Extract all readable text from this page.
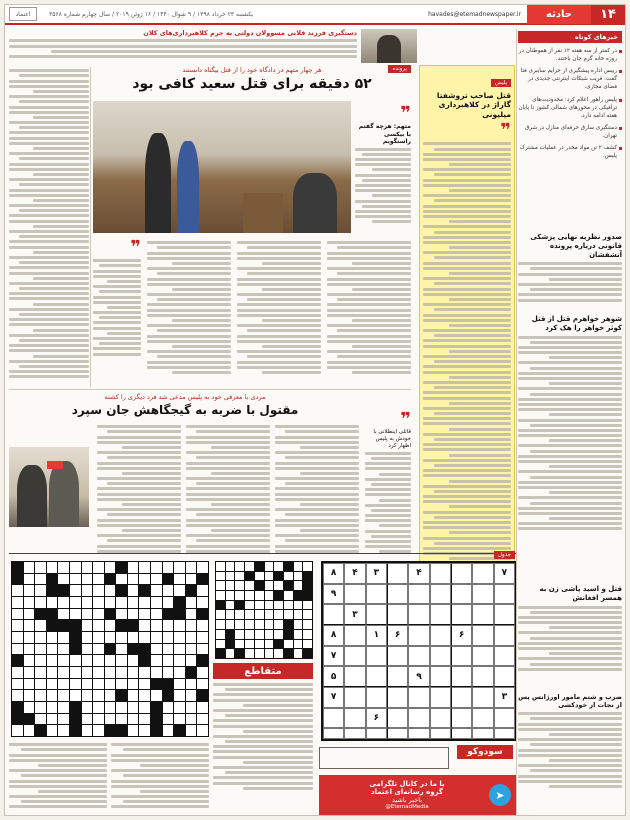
۱۴
حادثه
havades@etemadnewspaper.ir
یکشنبه ۲۳ خرداد ۱۳۹۸ / ۹ شوال ۱۴۴۰ / ۱۶ ژوئن ۲۰۱۹ / سال چهارم شماره ۳۵۶۸
اعتماد
خبرهای کوتاه
در کمتر از سه هفته ۱۲ نفر از هموطنان در روزه خانه گرم جان باختند.
رییس اداره پیشگیری از جرایم سایبری فتا گفت: فریب شبکات اینترنتی جدیدی در فضای مجازی.
پلیس راهور اعلام کرد: محدودیت‌های ترافیکی در محورهای شمالی کشور تا پایان هفته ادامه دارد.
دستگیری سارق حرفه‌ای منازل در شرق تهران.
کشف ۲ تن مواد مخدر در عملیات مشترک پلیس.
صدور نظریه نهایی پزشکی قانونی درباره پرونده آتشفشان
شوهر خواهرم قتل از قتل کوثر خواهر را هک کرد
پلیس
قتل صاحب تروشفتا گاراژ در کلاهبرداری میلیونی
❞
دستگیری فرزند قلابی مسوولان دولتی به جرم کلاهبرداری‌های کلان
پرونده
هر چهار متهم در دادگاه خود را از قتل بیگناه دانستند
۵۲ دقیقه برای قتل سعید کافی بود
❞
متهم: هرچه گفتم با بیکسی راستگویم
❞
مردی با معرفی خود به پلیس مدعی شد فرد دیگری را کشته
مقتول با ضربه به گیجگاهش جان سپرد	❞
قاتلی اینطلانی با خودش به پلیس اظهار کرد
قتل و اسید پاشی زن به همسر افغانش
ضرب و شتم مامور اورژانس پس از نجات از خودکشی
جدول
۷
۴
۳
۴
۸
۹
۳
۶
۶
۱
۸
۷
۹
۵
۳
۷
۶
سودوکو
➤
با ما در کانال تلگرامی
گروه رسانه‌ای اعتماد
باخبر باشید
@EtemadMedia
متقاطع
